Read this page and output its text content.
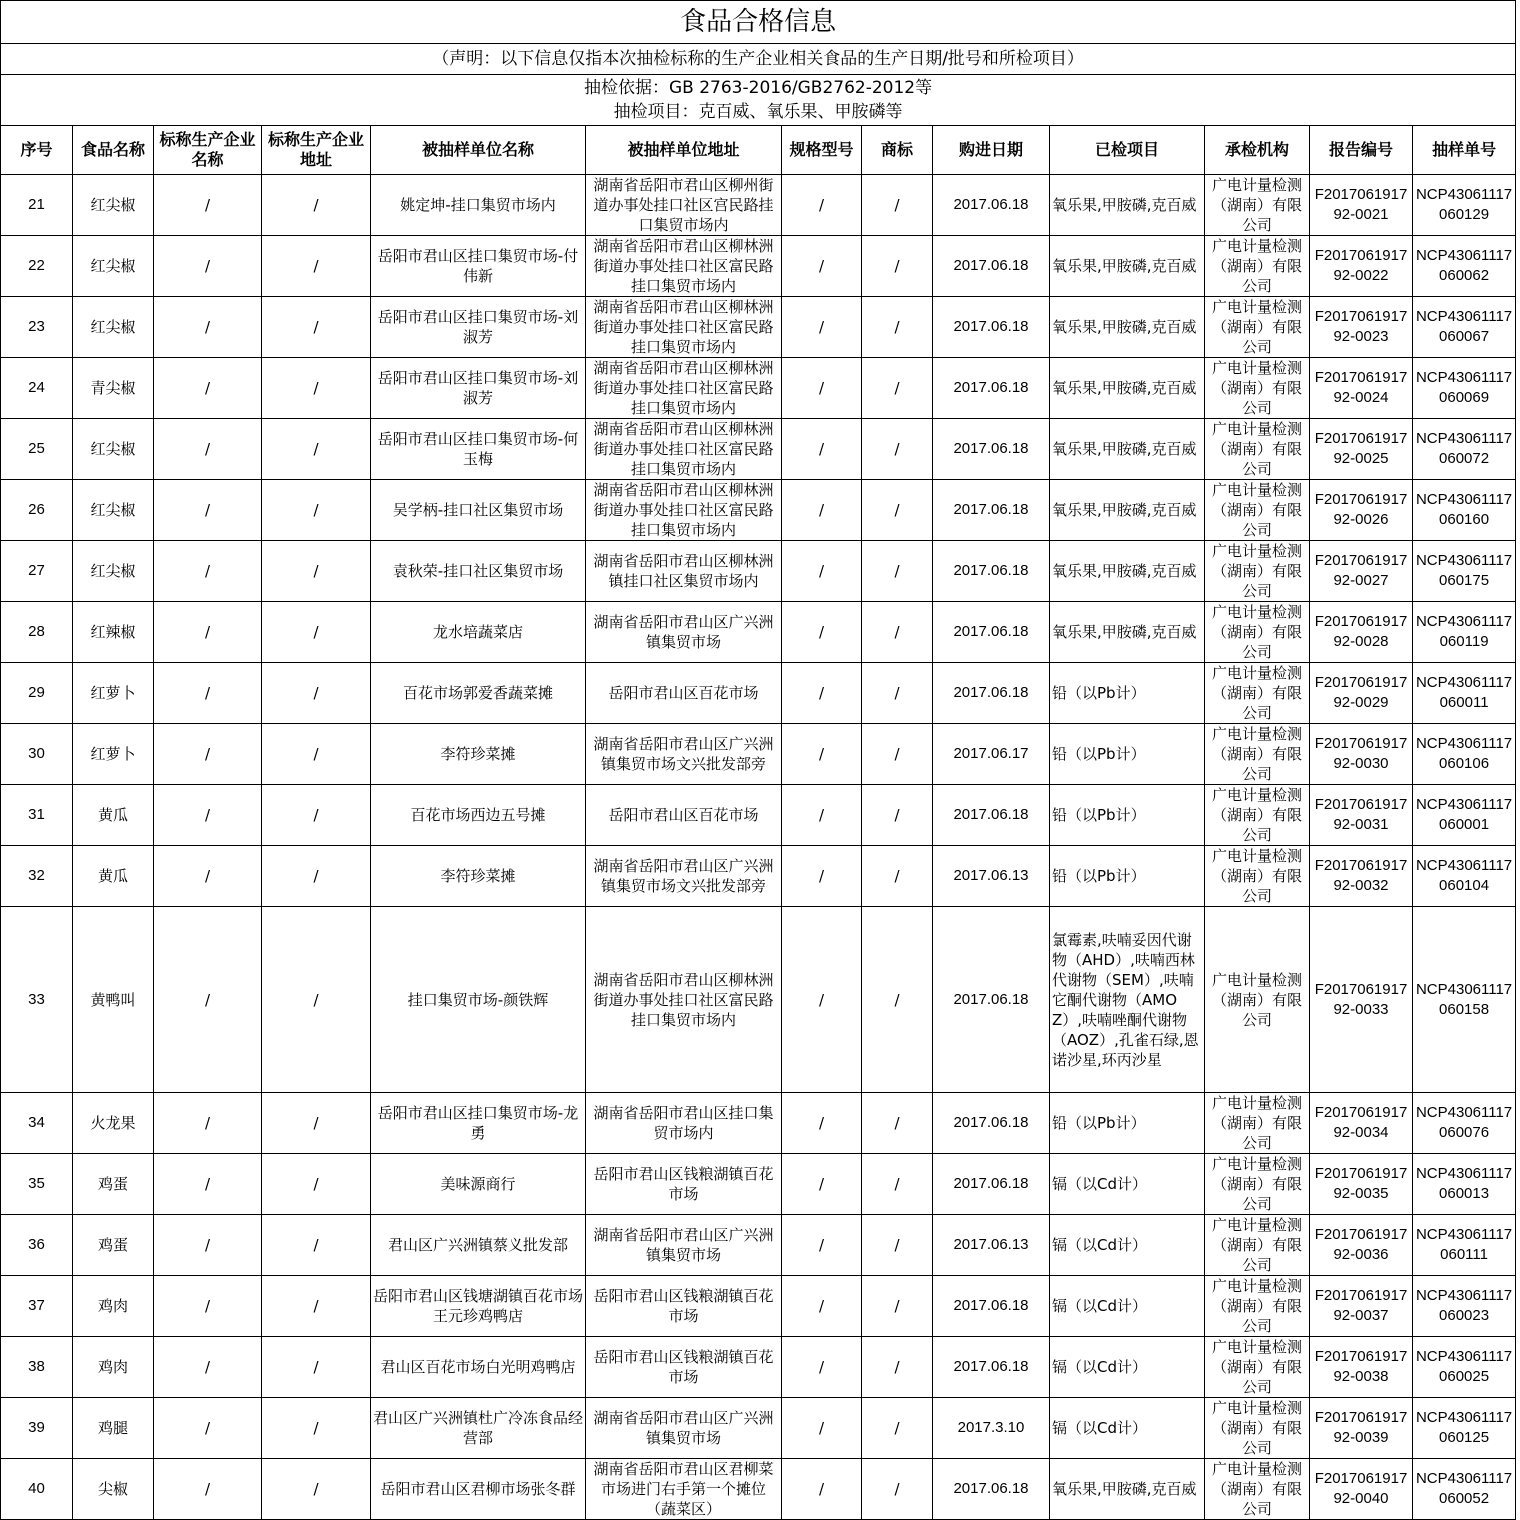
食品合格信息												
（声明：以下信息仅指本次抽检标称的生产企业相关食品的生产日期/批号和所检项目）												

抽检依据：GB 2763-2016/GB2762-2012等
抽检项目：克百威、氧乐果、甲胺磷等												

序号	食品名称	标称生产企业名称	标称生产企业地址	被抽样单位名称	被抽样单位地址	规格型号	商标	购进日期	已检项目	承检机构	报告编号	抽样单号
21	红尖椒	/	/	姚定坤-挂口集贸市场内	湖南省岳阳市君山区柳州街道办事处挂口社区宫民路挂口集贸市场内	/	/	2017.06.18	氧乐果,甲胺磷,克百威	广电计量检测（湖南）有限公司	F201706191792-0021	NCP43061117060129
22	红尖椒	/	/	岳阳市君山区挂口集贸市场-付伟新	湖南省岳阳市君山区柳林洲街道办事处挂口社区富民路挂口集贸市场内	/	/	2017.06.18	氧乐果,甲胺磷,克百威	广电计量检测（湖南）有限公司	F201706191792-0022	NCP43061117060062
23	红尖椒	/	/	岳阳市君山区挂口集贸市场-刘淑芳	湖南省岳阳市君山区柳林洲街道办事处挂口社区富民路挂口集贸市场内	/	/	2017.06.18	氧乐果,甲胺磷,克百威	广电计量检测（湖南）有限公司	F201706191792-0023	NCP43061117060067
24	青尖椒	/	/	岳阳市君山区挂口集贸市场-刘淑芳	湖南省岳阳市君山区柳林洲街道办事处挂口社区富民路挂口集贸市场内	/	/	2017.06.18	氧乐果,甲胺磷,克百威	广电计量检测（湖南）有限公司	F201706191792-0024	NCP43061117060069
25	红尖椒	/	/	岳阳市君山区挂口集贸市场-何玉梅	湖南省岳阳市君山区柳林洲街道办事处挂口社区富民路挂口集贸市场内	/	/	2017.06.18	氧乐果,甲胺磷,克百威	广电计量检测（湖南）有限公司	F201706191792-0025	NCP43061117060072
26	红尖椒	/	/	吴学柄-挂口社区集贸市场	湖南省岳阳市君山区柳林洲街道办事处挂口社区富民路挂口集贸市场内	/	/	2017.06.18	氧乐果,甲胺磷,克百威	广电计量检测（湖南）有限公司	F201706191792-0026	NCP43061117060160
27	红尖椒	/	/	袁秋荣-挂口社区集贸市场	湖南省岳阳市君山区柳林洲镇挂口社区集贸市场内	/	/	2017.06.18	氧乐果,甲胺磷,克百威	广电计量检测（湖南）有限公司	F201706191792-0027	NCP43061117060175
28	红辣椒	/	/	龙水培蔬菜店	湖南省岳阳市君山区广兴洲镇集贸市场	/	/	2017.06.18	氧乐果,甲胺磷,克百威	广电计量检测（湖南）有限公司	F201706191792-0028	NCP43061117060119
29	红萝卜	/	/	百花市场郭爱香蔬菜摊	岳阳市君山区百花市场	/	/	2017.06.18	铅（以Pb计）	广电计量检测（湖南）有限公司	F201706191792-0029	NCP43061117060011
30	红萝卜	/	/	李符珍菜摊	湖南省岳阳市君山区广兴洲镇集贸市场文兴批发部旁	/	/	2017.06.17	铅（以Pb计）	广电计量检测（湖南）有限公司	F201706191792-0030	NCP43061117060106
31	黄瓜	/	/	百花市场西边五号摊	岳阳市君山区百花市场	/	/	2017.06.18	铅（以Pb计）	广电计量检测（湖南）有限公司	F201706191792-0031	NCP43061117060001
32	黄瓜	/	/	李符珍菜摊	湖南省岳阳市君山区广兴洲镇集贸市场文兴批发部旁	/	/	2017.06.13	铅（以Pb计）	广电计量检测（湖南）有限公司	F201706191792-0032	NCP43061117060104
33	黄鸭叫	/	/	挂口集贸市场-颜铁辉	湖南省岳阳市君山区柳林洲街道办事处挂口社区富民路挂口集贸市场内	/	/	2017.06.18	氯霉素,呋喃妥因代谢物（AHD）,呋喃西林代谢物（SEM）,呋喃它酮代谢物（AMOZ）,呋喃唑酮代谢物（AOZ）,孔雀石绿,恩诺沙星,环丙沙星	广电计量检测（湖南）有限公司	F201706191792-0033	NCP43061117060158
34	火龙果	/	/	岳阳市君山区挂口集贸市场-龙勇	湖南省岳阳市君山区挂口集贸市场内	/	/	2017.06.18	铅（以Pb计）	广电计量检测（湖南）有限公司	F201706191792-0034	NCP43061117060076
35	鸡蛋	/	/	美味源商行	岳阳市君山区钱粮湖镇百花市场	/	/	2017.06.18	镉（以Cd计）	广电计量检测（湖南）有限公司	F201706191792-0035	NCP43061117060013
36	鸡蛋	/	/	君山区广兴洲镇蔡义批发部	湖南省岳阳市君山区广兴洲镇集贸市场	/	/	2017.06.13	镉（以Cd计）	广电计量检测（湖南）有限公司	F201706191792-0036	NCP43061117060111
37	鸡肉	/	/	岳阳市君山区钱塘湖镇百花市场王元珍鸡鸭店	岳阳市君山区钱粮湖镇百花市场	/	/	2017.06.18	镉（以Cd计）	广电计量检测（湖南）有限公司	F201706191792-0037	NCP43061117060023
38	鸡肉	/	/	君山区百花市场白光明鸡鸭店	岳阳市君山区钱粮湖镇百花市场	/	/	2017.06.18	镉（以Cd计）	广电计量检测（湖南）有限公司	F201706191792-0038	NCP43061117060025
39	鸡腿	/	/	君山区广兴洲镇杜广冷冻食品经营部	湖南省岳阳市君山区广兴洲镇集贸市场	/	/	2017.3.10	镉（以Cd计）	广电计量检测（湖南）有限公司	F201706191792-0039	NCP43061117060125
40	尖椒	/	/	岳阳市君山区君柳市场张冬群	湖南省岳阳市君山区君柳菜市场进门右手第一个摊位（蔬菜区）	/	/	2017.06.18	氧乐果,甲胺磷,克百威	广电计量检测（湖南）有限公司	F201706191792-0040	NCP43061117060052
